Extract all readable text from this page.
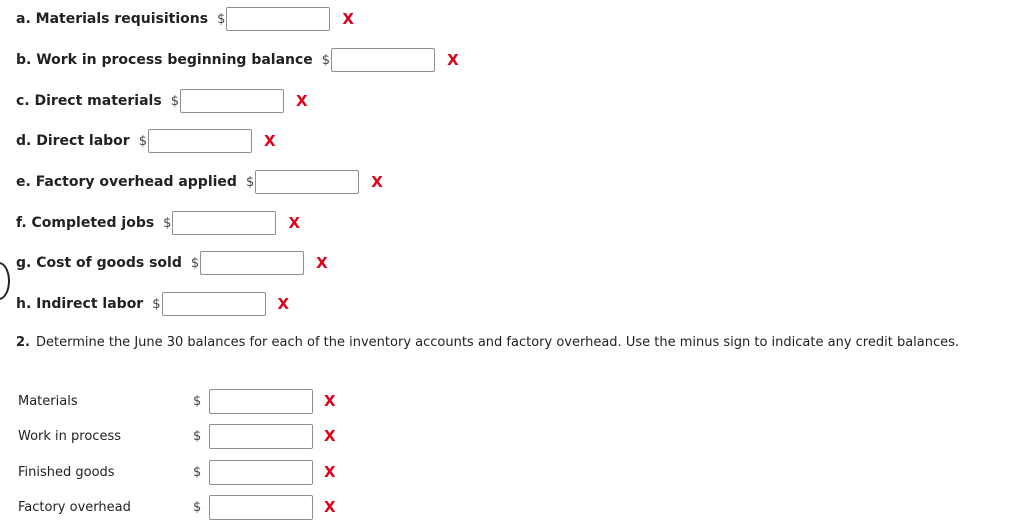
a. Materials requisitions $	X
b. Work in process beginning balance $	X
c. Direct materials $	X
d. Direct labor $	X
e. Factory overhead applied $	X
f. Completed jobs $	X
g. Cost of goods sold $	X
h. Indirect labor $	X
2. Determine the June 30 balances for each of the inventory accounts and factory overhead. Use the minus sign to indicate any credit balances.
Materials	$	X
Work in process	$	X
Finished goods	$	X
Factory overhead	$	X
